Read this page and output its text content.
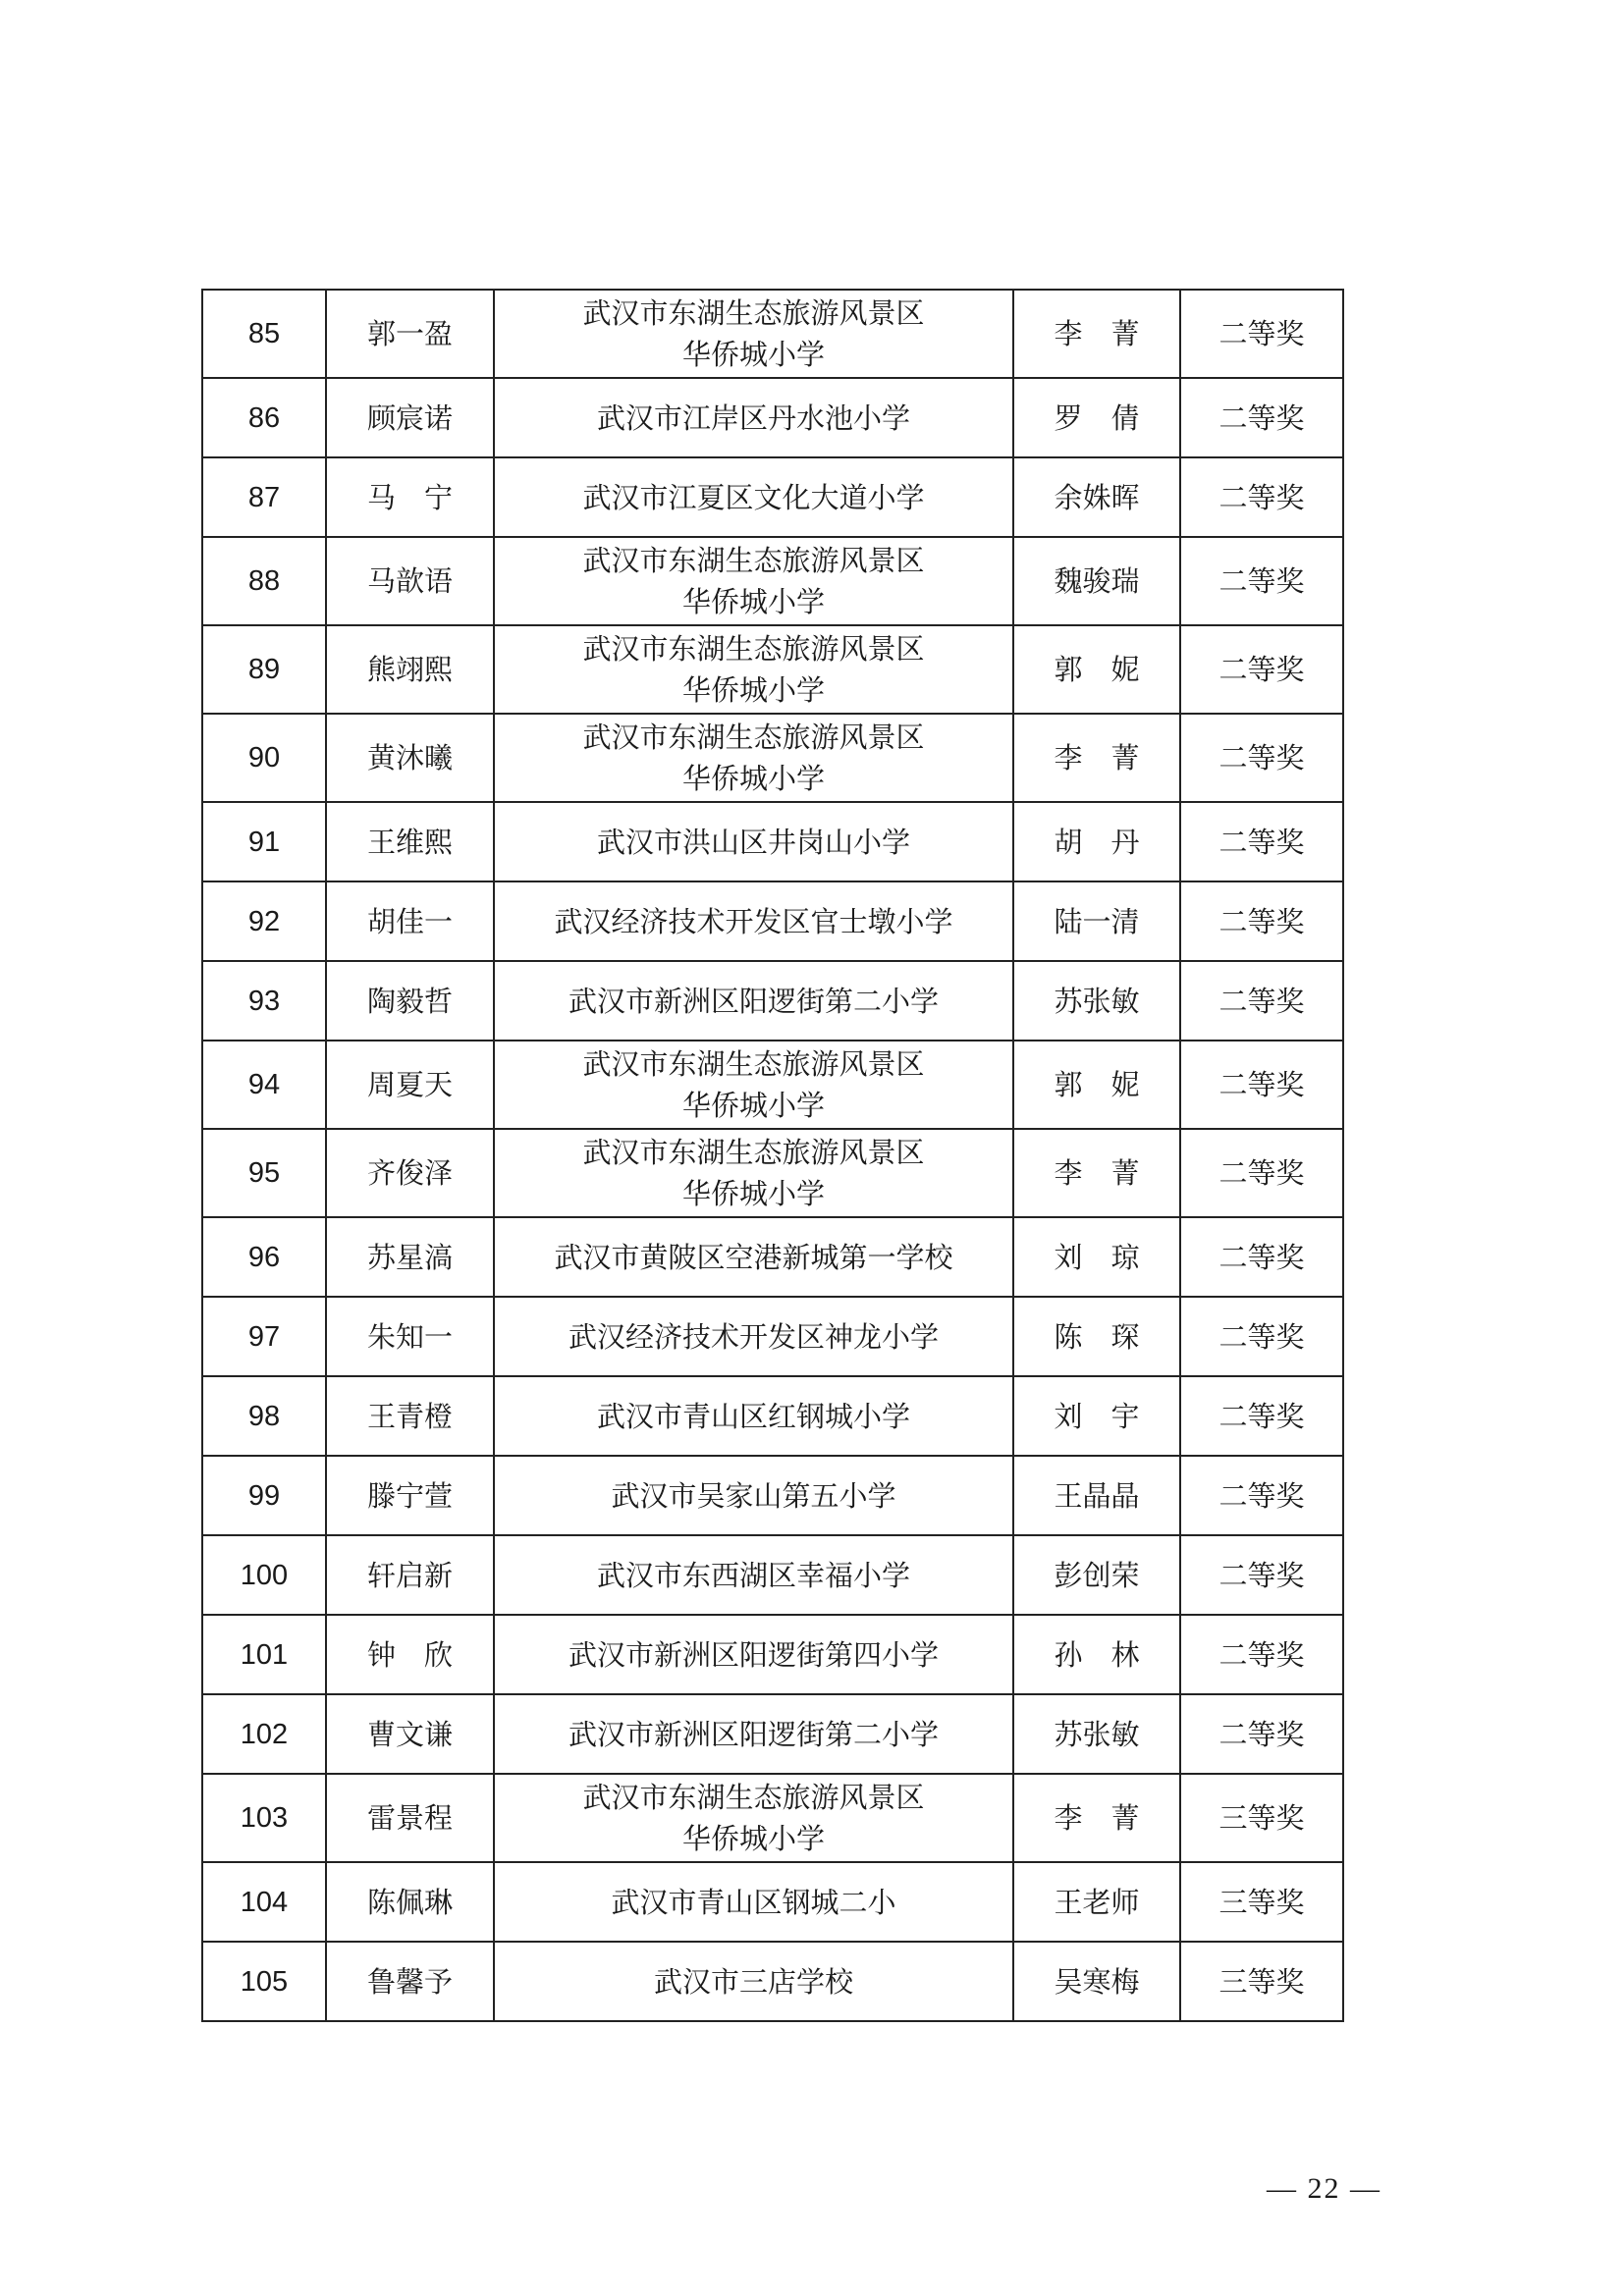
85	郭一盈	武汉市东湖生态旅游风景区
华侨城小学	李　菁	二等奖
86	顾宸诺	武汉市江岸区丹水池小学	罗　倩	二等奖
87	马　宁	武汉市江夏区文化大道小学	余姝晖	二等奖
88	马歆语	武汉市东湖生态旅游风景区
华侨城小学	魏骏瑞	二等奖
89	熊翊熙	武汉市东湖生态旅游风景区
华侨城小学	郭　妮	二等奖
90	黄沐曦	武汉市东湖生态旅游风景区
华侨城小学	李　菁	二等奖
91	王维熙	武汉市洪山区井岗山小学	胡　丹	二等奖
92	胡佳一	武汉经济技术开发区官士墩小学	陆一清	二等奖
93	陶毅哲	武汉市新洲区阳逻街第二小学	苏张敏	二等奖
94	周夏天	武汉市东湖生态旅游风景区
华侨城小学	郭　妮	二等奖
95	齐俊泽	武汉市东湖生态旅游风景区
华侨城小学	李　菁	二等奖
96	苏星滈	武汉市黄陂区空港新城第一学校	刘　琼	二等奖
97	朱知一	武汉经济技术开发区神龙小学	陈　琛	二等奖
98	王青橙	武汉市青山区红钢城小学	刘　宇	二等奖
99	滕宁萱	武汉市吴家山第五小学	王晶晶	二等奖
100	轩启新	武汉市东西湖区幸福小学	彭创荣	二等奖
101	钟　欣	武汉市新洲区阳逻街第四小学	孙　林	二等奖
102	曹文谦	武汉市新洲区阳逻街第二小学	苏张敏	二等奖
103	雷景程	武汉市东湖生态旅游风景区
华侨城小学	李　菁	三等奖
104	陈佩琳	武汉市青山区钢城二小	王老师	三等奖
105	鲁馨予	武汉市三店学校	吴寒梅	三等奖
— 22 —
